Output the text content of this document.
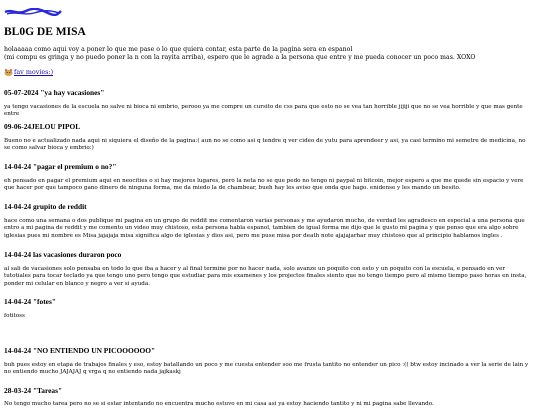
BL0G DE MISA
holaaaaa como aqui voy a poner lo que me pase o lo que quiera contar, esta parte de la pagina sera en espanol
(mi compu es gringa y no puedo poner la n con la rayita arriba), espero que le agrade a la persona que entre y me pueda conocer un poco mas. XOXO
fav movies:)
05-07-2024 "ya hay vacasiones"

ya tengo vacasiones de la escuela no salve ni bioca ni embrio, perooo ya me compre un cursito de css para que esto no se vea tan horrible jijiji que no se vea horrible y que mas gente entre

09-06-24JELOU PIPOL

Bueno no e actualizado nada aqui ni siquiera el diseño de la pagina:( aun no se como asi q tendre q ver cideo de yutu para aprendeer y asi, ya casi termino mi semetre de medicina, no se como salvar bioca y embrio:)

14-04-24 "pagar el premium o no?"

eh pensado en pagar el premium aqui en neocities o si hay mejores lugares, pero la neta no se que pedo no tengo ni paypal ni bitcoin, mejor espero a que me quede sin espacio y vere que hacer por que tampoco gano dinero de ninguna forma, me da miedo la de chambear, bueh hay les aviso que onda que hago. enidense y les mando un besito.

14-04-24 grupito de reddit

hace como una semana o dos publique mi pagina en un grupo de reddit me comentaron varias personas y me ayudaron mucho, de verdad les agradesco en especial a una persona que entro a mi pagina de reddit y me comento un video muy chistoso, esta persona habla espanol, tambien de igual forma me dijo que le gusto mi pagina y que penso que era algo sobre iglesias pues mi nombre es Misa jajajaja misa significa algo de iglesias y dios asi, pero me puse misa por death note ajajajarhar muy chistoso que al principio hablamos ingles .

14-04-24 las vacasiones duraron poco

al sali de vacasiones solo pensaba en todo lo que iba a hacer y al final termine por no hacer nada, solo avanze un poquito con esto y un poquito con la escuela, e pensado en ver tutotiales para tocar teclado ya que tengo uno pero tengo que estudiar para mis examenes y los projectos finales siento que no tengo tiempo pero al mismo tiempo paso horas en insta, ponder mi celular en blanco y negro a ver si ayuda.

14-04-24 "fotes"

fotitoss

14-04-24 "NO ENTIENDO UN PICOOOOOO"

buh pues estoy en etapa de trabajos finales y eso, estoy batallando un poco y me cuesta entender soo me frusta tantito no entender un pico :(( btw estoy incinado a ver la serie de lain y no entiendo mucho JAJAJAJ q vrga q no entiendo nada jajkaskj

28-03-24 "Tareas"

No tengo mucho tarea pero no se si estar intentando no encuentra mucho estuvo en mi casa asi ya estoy haciendo tantito y ni mi pagina sabe llevando.
